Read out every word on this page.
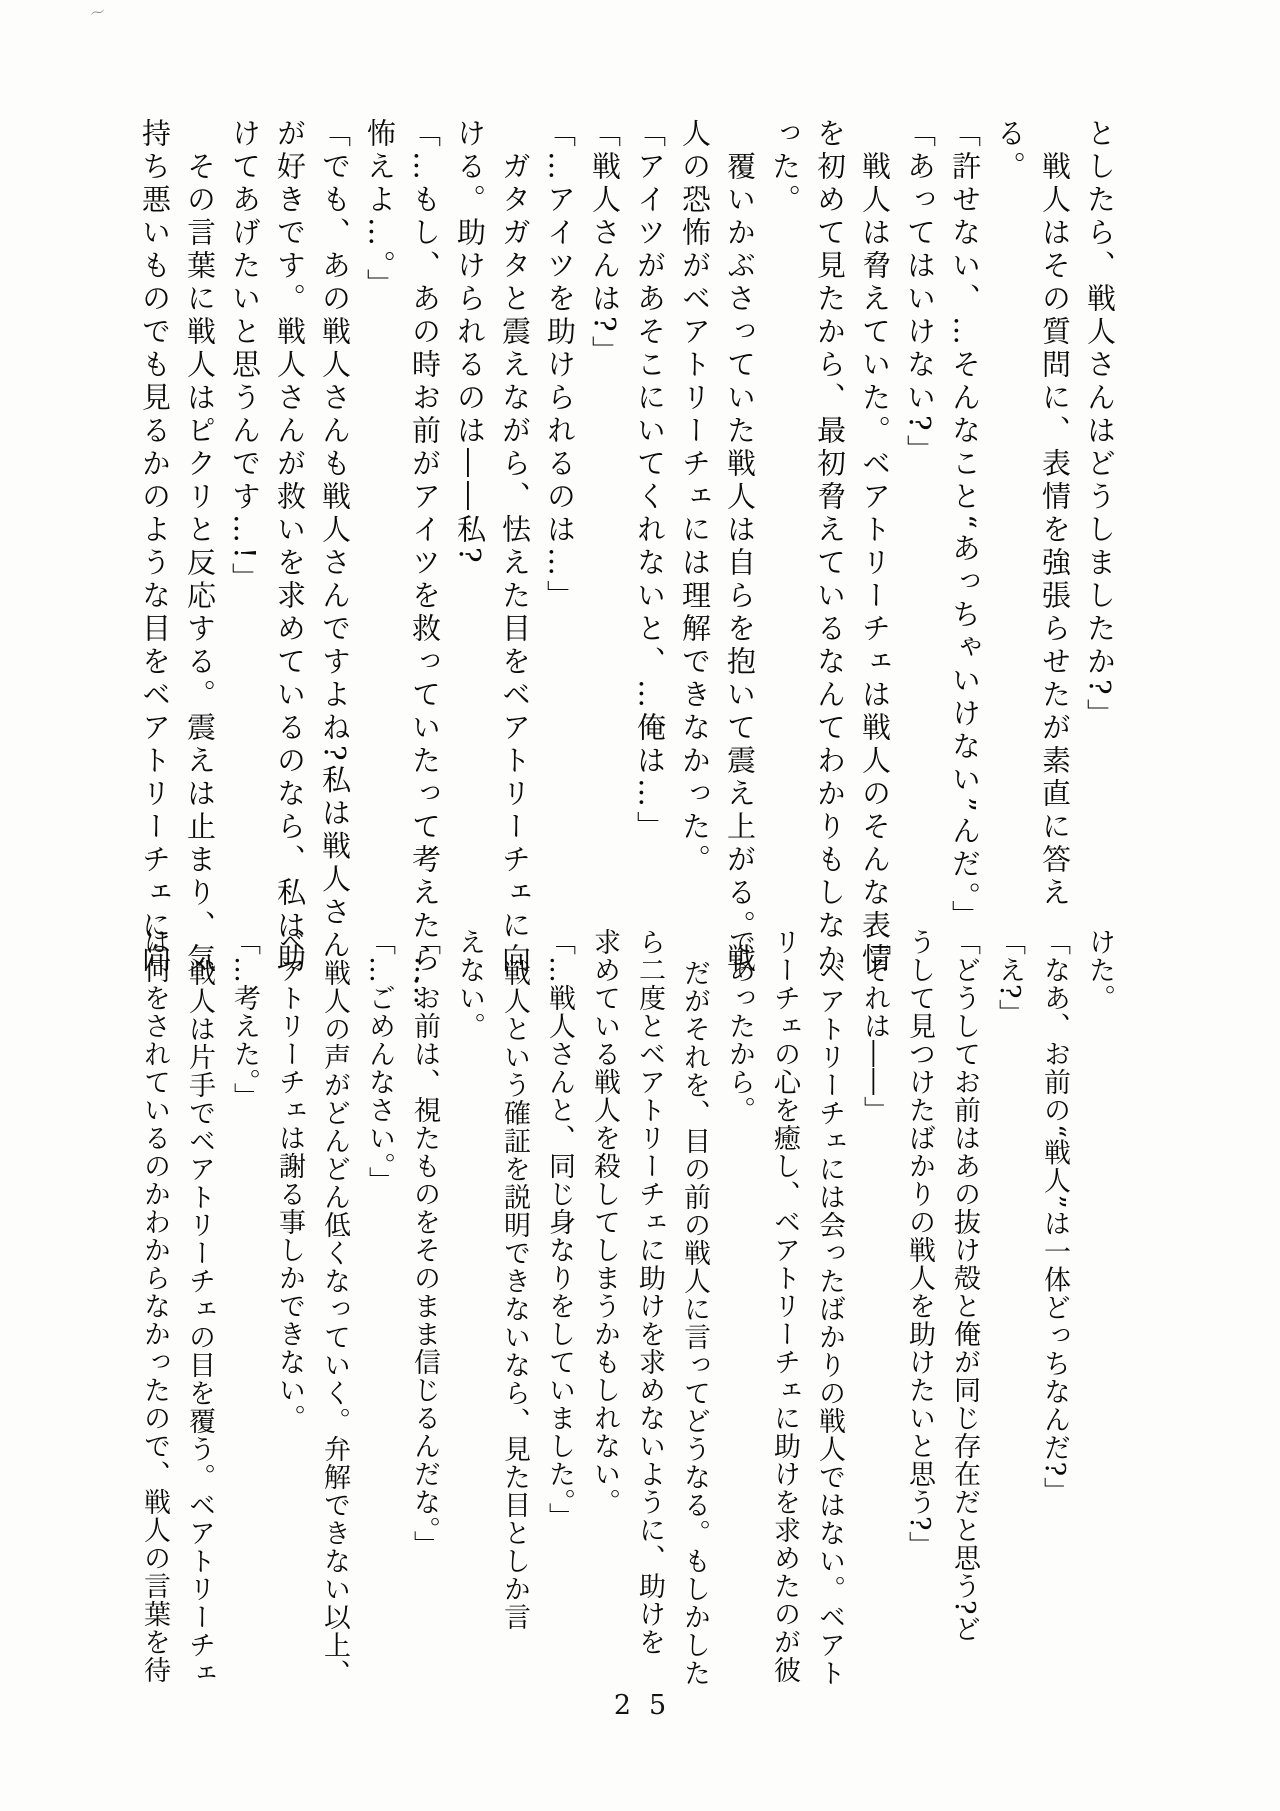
〜
としたら、戦人さんはどうしましたか?」
戦人はその質問に、表情を強張らせたが素直に答え
る。
「許せない、…そんなこと“あっちゃいけない”んだ。」
「あってはいけない?」
戦人は脅えていた。ベアトリーチェは戦人のそんな表情
を初めて見たから、最初脅えているなんてわかりもしなか
った。
覆いかぶさっていた戦人は自らを抱いて震え上がる。戦
人の恐怖がベアトリーチェには理解できなかった。
「アイツがあそこにいてくれないと、…俺は…」
「戦人さんは?」
「…アイツを助けられるのは…」
ガタガタと震えながら、怯えた目をベアトリーチェに向
ける。助けられるのは――私?
「…もし、あの時お前がアイツを救っていたって考えたら…
怖えよ…。」
「でも、あの戦人さんも戦人さんですよね?私は戦人さん
が好きです。戦人さんが救いを求めているのなら、私は助
けてあげたいと思うんです…!」
その言葉に戦人はピクリと反応する。震えは止まり、気
持ち悪いものでも見るかのような目をベアトリーチェに向	けた。
「なあ、お前の“戦人”は一体どっちなんだ?」
「え?」
「どうしてお前はあの抜け殻と俺が同じ存在だと思う?ど
うして見つけたばかりの戦人を助けたいと思う?」
「それは――」
ベアトリーチェには会ったばかりの戦人ではない。ベアト
リーチェの心を癒し、ベアトリーチェに助けを求めたのが彼
であったから。
だがそれを、目の前の戦人に言ってどうなる。もしかした
ら二度とベアトリーチェに助けを求めないように、助けを
求めている戦人を殺してしまうかもしれない。
「…戦人さんと、同じ身なりをしていました。」
戦人という確証を説明できないなら、見た目としか言
えない。
「…お前は、視たものをそのまま信じるんだな。」
「…ごめんなさい。」
戦人の声がどんどん低くなっていく。弁解できない以上、
ベアトリーチェは謝る事しかできない。
「…考えた。」
戦人は片手でベアトリーチェの目を覆う。ベアトリーチェ
は何をされているのかわからなかったので、戦人の言葉を待
25
